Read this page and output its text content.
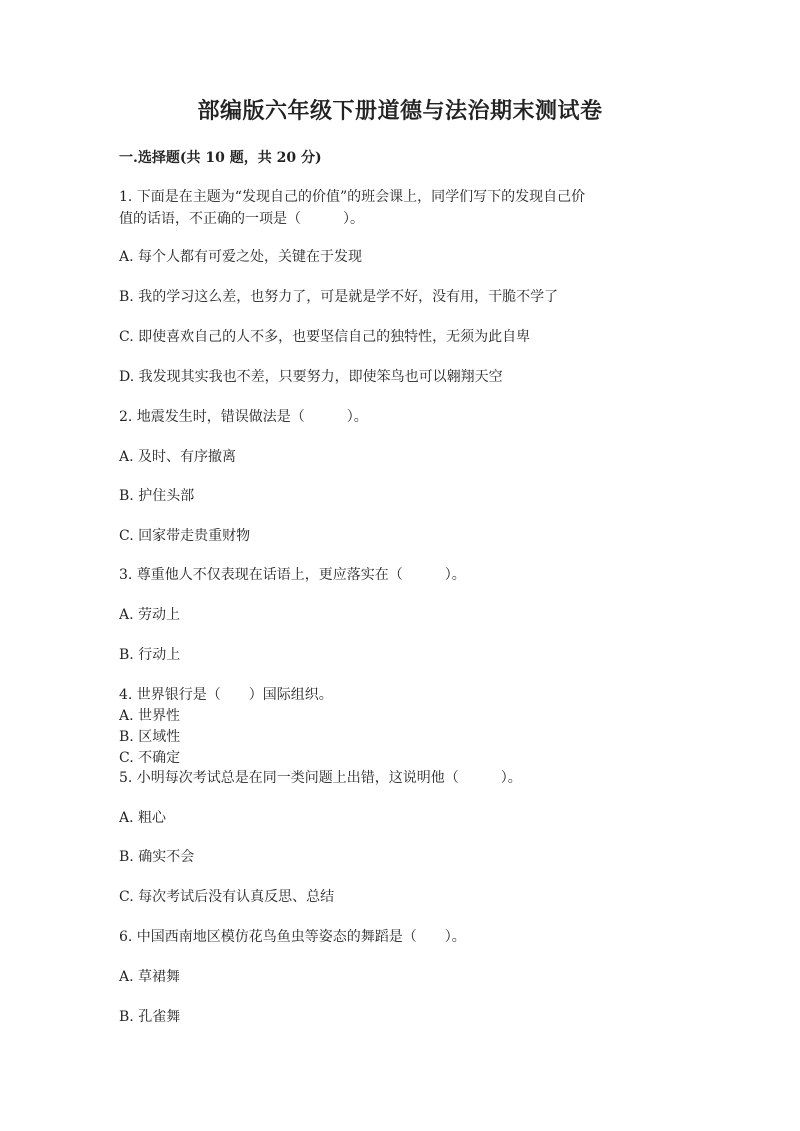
部编版六年级下册道德与法治期末测试卷
一.选择题(共 10 题，共 20 分)
1. 下面是在主题为“发现自己的价值”的班会课上，同学们写下的发现自己价
值的话语，不正确的一项是（　　　）。
A. 每个人都有可爱之处，关键在于发现
B. 我的学习这么差，也努力了，可是就是学不好，没有用，干脆不学了
C. 即使喜欢自己的人不多，也要坚信自己的独特性，无须为此自卑
D. 我发现其实我也不差，只要努力，即使笨鸟也可以翱翔天空
2. 地震发生时，错误做法是（　　　）。
A. 及时、有序撤离
B. 护住头部
C. 回家带走贵重财物
3. 尊重他人不仅表现在话语上，更应落实在（　　　）。
A. 劳动上
B. 行动上
4. 世界银行是（　　）国际组织。
A. 世界性
B. 区域性
C. 不确定
5. 小明每次考试总是在同一类问题上出错，这说明他（　　　）。
A. 粗心
B. 确实不会
C. 每次考试后没有认真反思、总结
6. 中国西南地区模仿花鸟鱼虫等姿态的舞蹈是（　　）。
A. 草裙舞
B. 孔雀舞
